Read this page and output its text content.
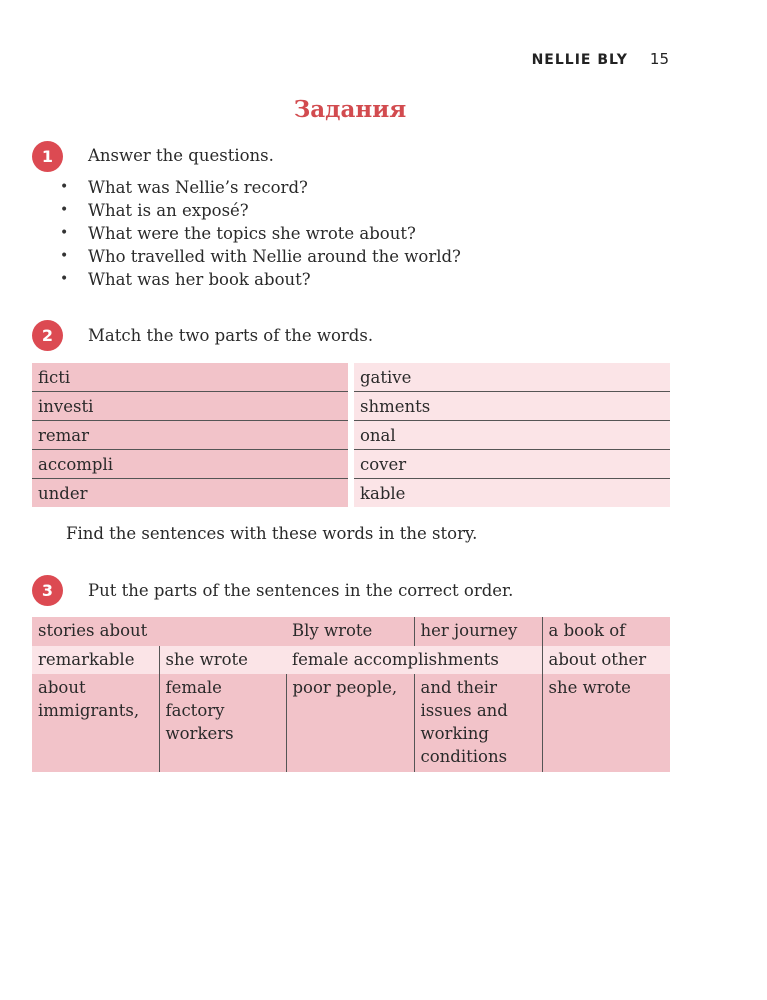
NELLIE BLY 15
Задания
1	Answer the questions.
• What was Nellie’s record?
• What is an exposé?
• What were the topics she wrote about?
• Who travelled with Nellie around the world?
• What was her book about?
2	Match the two parts of the words.
ficti	gative
investi	shments
remar	onal
accompli	cover
under	kable
Find the sentences with these words in the story.
3	Put the parts of the sentences in the correct order.
stories about		Bly wrote	her journey	a book of
remarkable	she wrote	female accomplishments		about other
about immigrants,	female factory workers	poor people,	and their issues and working conditions	she wrote
